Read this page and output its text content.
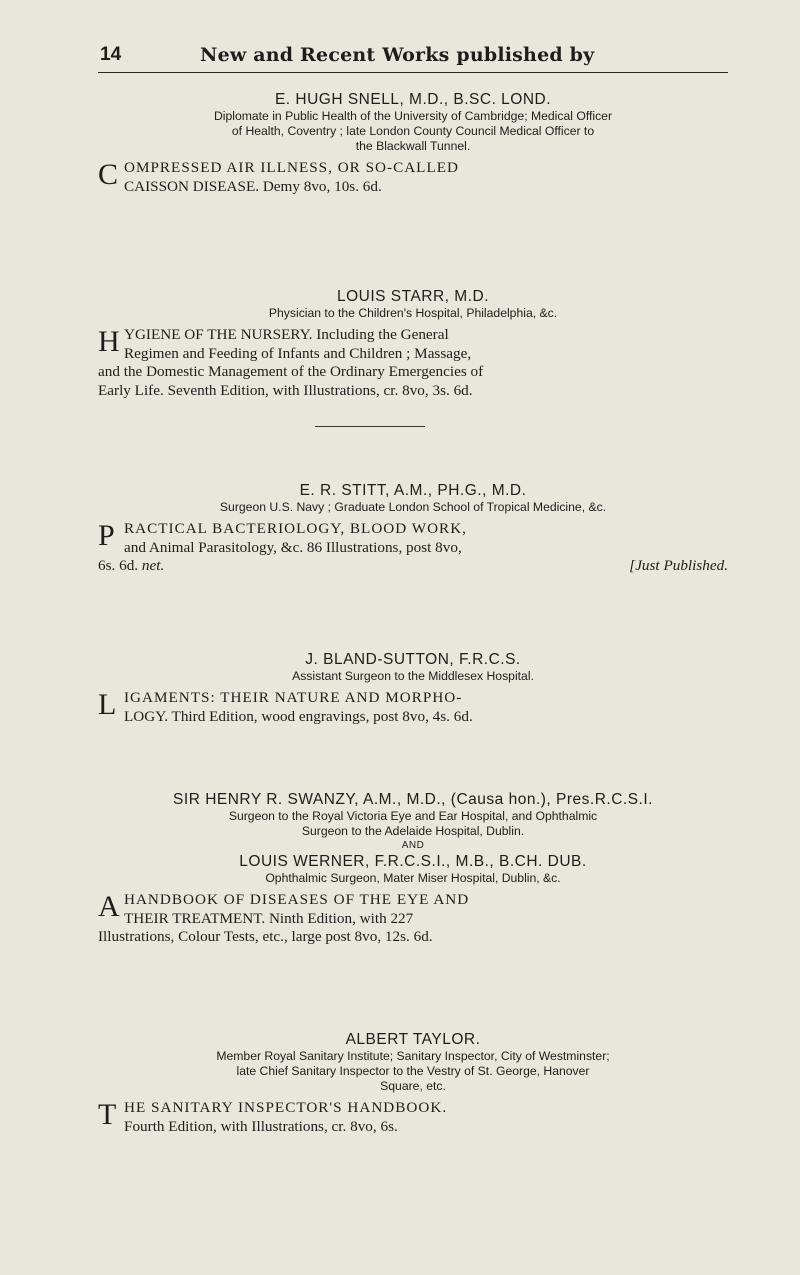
14	New and Recent Works published by
E. HUGH SNELL, M.D., B.SC. LOND.
Diplomate in Public Health of the University of Cambridge; Medical Officer
of Health, Coventry ; late London County Council Medical Officer to
the Blackwall Tunnel.
C OMPRESSED AIR ILLNESS, OR SO-CALLED
CAISSON DISEASE. Demy 8vo, 10s. 6d.
LOUIS STARR, M.D.
Physician to the Children's Hospital, Philadelphia, &c.
H YGIENE OF THE NURSERY. Including the General
Regimen and Feeding of Infants and Children ; Massage,
and the Domestic Management of the Ordinary Emergencies of
Early Life. Seventh Edition, with Illustrations, cr. 8vo, 3s. 6d.
E. R. STITT, A.M., PH.G., M.D.
Surgeon U.S. Navy ; Graduate London School of Tropical Medicine, &c.
P RACTICAL BACTERIOLOGY, BLOOD WORK,
and Animal Parasitology, &c. 86 Illustrations, post 8vo,
6s. 6d. net.	[Just Published.
J. BLAND-SUTTON, F.R.C.S.
Assistant Surgeon to the Middlesex Hospital.
L IGAMENTS: THEIR NATURE AND MORPHO-
LOGY. Third Edition, wood engravings, post 8vo, 4s. 6d.
SIR HENRY R. SWANZY, A.M., M.D., (Causa hon.), Pres.R.C.S.I.
Surgeon to the Royal Victoria Eye and Ear Hospital, and Ophthalmic
Surgeon to the Adelaide Hospital, Dublin.
AND
LOUIS WERNER, F.R.C.S.I., M.B., B.CH. DUB.
Ophthalmic Surgeon, Mater Miser Hospital, Dublin, &c.
A HANDBOOK OF DISEASES OF THE EYE AND
THEIR TREATMENT. Ninth Edition, with 227
Illustrations, Colour Tests, etc., large post 8vo, 12s. 6d.
ALBERT TAYLOR.
Member Royal Sanitary Institute; Sanitary Inspector, City of Westminster;
late Chief Sanitary Inspector to the Vestry of St. George, Hanover
Square, etc.
T HE SANITARY INSPECTOR'S HANDBOOK.
Fourth Edition, with Illustrations, cr. 8vo, 6s.
